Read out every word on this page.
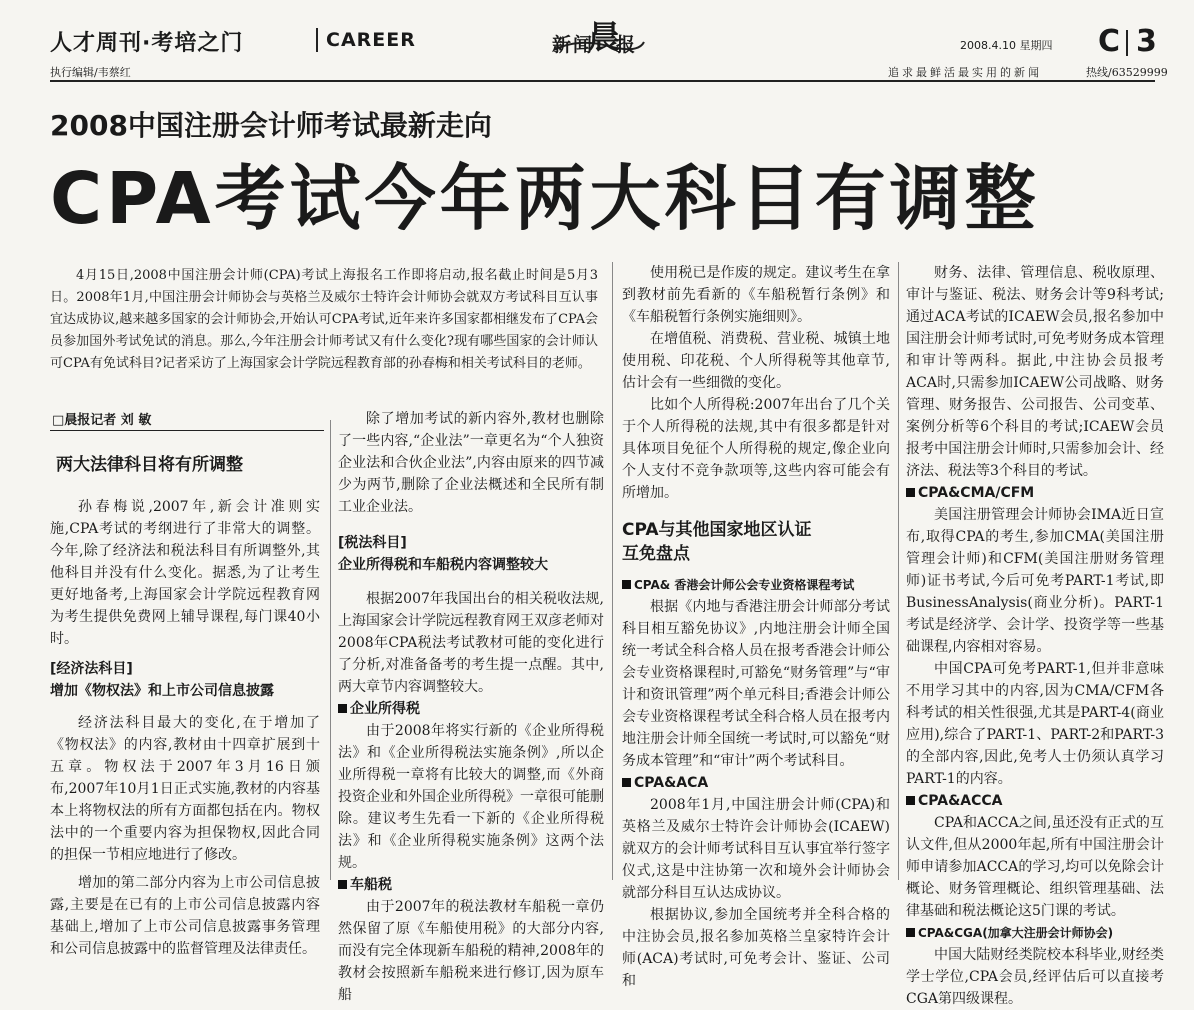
人才周刊·考培之门	CAREER
执行编辑/韦蔡红
新闻
晨
报	2008.4.10 星期四 C 3
追求最鲜活最实用的新闻	热线/63529999
2008中国注册会计师考试最新走向
CPA考试今年两大科目有调整

4月15日,2008中国注册会计师(CPA)考试上海报名工作即将启动,报名截止时间是5月3日。2008年1月,中国注册会计师协会与英格兰及威尔士特许会计师协会就双方考试科目互认事宜达成协议,越来越多国家的会计师协会,开始认可CPA考试,近年来许多国家都相继发布了CPA会员参加国外考试免试的消息。那么,今年注册会计师考试又有什么变化?现有哪些国家的会计师认可CPA有免试科目?记者采访了上海国家会计学院远程教育部的孙春梅和相关考试科目的老师。

□晨报记者 刘 敏
两大法律科目将有所调整

孙春梅说,2007年,新会计准则实施,CPA考试的考纲进行了非常大的调整。今年,除了经济法和税法科目有所调整外,其他科目并没有什么变化。据悉,为了让考生更好地备考,上海国家会计学院远程教育网为考生提供免费网上辅导课程,每门课40小时。

[经济法科目]
增加《物权法》和上市公司信息披露

经济法科目最大的变化,在于增加了《物权法》的内容,教材由十四章扩展到十五章。物权法于2007年3月16日颁布,2007年10月1日正式实施,教材的内容基本上将物权法的所有方面都包括在内。物权法中的一个重要内容为担保物权,因此合同的担保一节相应地进行了修改。

增加的第二部分内容为上市公司信息披露,主要是在已有的上市公司信息披露内容基础上,增加了上市公司信息披露事务管理和公司信息披露中的监督管理及法律责任。

除了增加考试的新内容外,教材也删除了一些内容,“企业法”一章更名为“个人独资企业法和合伙企业法”,内容由原来的四节减少为两节,删除了企业法概述和全民所有制工业企业法。

[税法科目]
企业所得税和车船税内容调整较大

根据2007年我国出台的相关税收法规,上海国家会计学院远程教育网王双彦老师对2008年CPA税法考试教材可能的变化进行了分析,对准备备考的考生提一点醒。其中,两大章节内容调整较大。

企业所得税

由于2008年将实行新的《企业所得税法》和《企业所得税法实施条例》,所以企业所得税一章将有比较大的调整,而《外商投资企业和外国企业所得税》一章很可能删除。建议考生先看一下新的《企业所得税法》和《企业所得税实施条例》这两个法规。

车船税

由于2007年的税法教材车船税一章仍然保留了原《车船使用税》的大部分内容,而没有完全体现新车船税的精神,2008年的教材会按照新车船税来进行修订,因为原车船

使用税已是作废的规定。建议考生在拿到教材前先看新的《车船税暂行条例》和《车船税暂行条例实施细则》。

在增值税、消费税、营业税、城镇土地使用税、印花税、个人所得税等其他章节,估计会有一些细微的变化。

比如个人所得税:2007年出台了几个关于个人所得税的法规,其中有很多都是针对具体项目免征个人所得税的规定,像企业向个人支付不竞争款项等,这些内容可能会有所增加。

CPA与其他国家地区认证
互免盘点
CPA& 香港会计师公会专业资格课程考试

根据《内地与香港注册会计师部分考试科目相互豁免协议》,内地注册会计师全国统一考试全科合格人员在报考香港会计师公会专业资格课程时,可豁免“财务管理”与“审计和资讯管理”两个单元科目;香港会计师公会专业资格课程考试全科合格人员在报考内地注册会计师全国统一考试时,可以豁免“财务成本管理”和“审计”两个考试科目。

CPA&ACA

2008年1月,中国注册会计师(CPA)和英格兰及威尔士特许会计师协会(ICAEW)就双方的会计师考试科目互认事宜举行签字仪式,这是中注协第一次和境外会计师协会就部分科目互认达成协议。

根据协议,参加全国统考并全科合格的中注协会员,报名参加英格兰皇家特许会计师(ACA)考试时,可免考会计、鉴证、公司和

财务、法律、管理信息、税收原理、审计与鉴证、税法、财务会计等9科考试;通过ACA考试的ICAEW会员,报名参加中国注册会计师考试时,可免考财务成本管理和审计等两科。据此,中注协会员报考ACA时,只需参加ICAEW公司战略、财务管理、财务报告、公司报告、公司变革、案例分析等6个科目的考试;ICAEW会员报考中国注册会计师时,只需参加会计、经济法、税法等3个科目的考试。

CPA&CMA/CFM

美国注册管理会计师协会IMA近日宣布,取得CPA的考生,参加CMA(美国注册管理会计师)和CFM(美国注册财务管理师)证书考试,今后可免考PART-1考试,即BusinessAnalysis(商业分析)。PART-1考试是经济学、会计学、投资学等一些基础课程,内容相对容易。

中国CPA可免考PART-1,但并非意味不用学习其中的内容,因为CMA/CFM各科考试的相关性很强,尤其是PART-4(商业应用),综合了PART-1、PART-2和PART-3的全部内容,因此,免考人士仍须认真学习PART-1的内容。

CPA&ACCA

CPA和ACCA之间,虽还没有正式的互认文件,但从2000年起,所有中国注册会计师申请参加ACCA的学习,均可以免除会计概论、财务管理概论、组织管理基础、法律基础和税法概论这5门课的考试。

CPA&CGA(加拿大注册会计师协会)

中国大陆财经类院校本科毕业,财经类学士学位,CPA会员,经评估后可以直接考CGA第四级课程。
